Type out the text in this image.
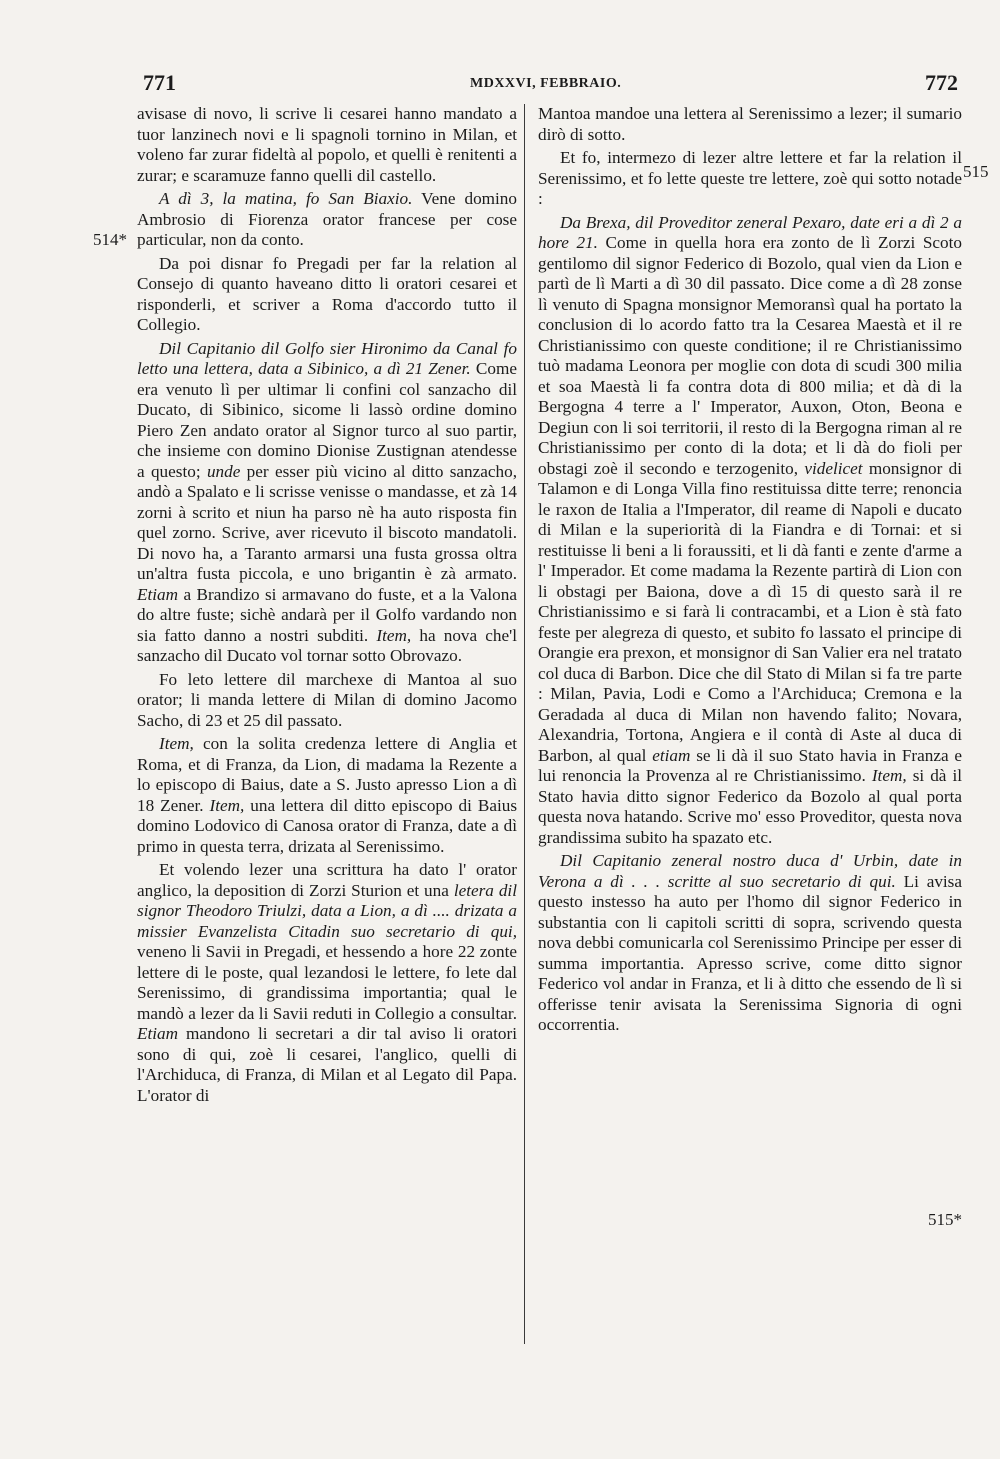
771	MDXXVI, FEBBRAIO.	772
514*
515
515*

avisase di novo, li scrive li cesarei hanno mandato a tuor lanzinech novi e li spagnoli tornino in Milan, et voleno far zurar fideltà al popolo, et quelli è renitenti a zurar; e scaramuze fanno quelli dil castello.

A dì 3, la matina, fo San Biaxio. Vene domino Ambrosio di Fiorenza orator francese per cose particular, non da conto.

Da poi disnar fo Pregadi per far la relation al Consejo di quanto haveano ditto li oratori cesarei et risponderli, et scriver a Roma d'accordo tutto il Collegio.

Dil Capitanio dil Golfo sier Hironimo da Canal fo letto una lettera, data a Sibinico, a dì 21 Zener. Come era venuto lì per ultimar li confini col sanzacho dil Ducato, di Sibinico, sicome li lassò ordine domino Piero Zen andato orator al Signor turco al suo partir, che insieme con domino Dionise Zustignan atendesse a questo; unde per esser più vicino al ditto sanzacho, andò a Spalato e li scrisse venisse o mandasse, et zà 14 zorni à scrito et niun ha parso nè ha auto risposta fin quel zorno. Scrive, aver ricevuto il biscoto mandatoli. Di novo ha, a Taranto armarsi una fusta grossa oltra un'altra fusta piccola, e uno brigantin è zà armato. Etiam a Brandizo si armavano do fuste, et a la Valona do altre fuste; sichè andarà per il Golfo vardando non sia fatto danno a nostri subditi. Item, ha nova che'l sanzacho dil Ducato vol tornar sotto Obrovazo.

Fo leto lettere dil marchexe di Mantoa al suo orator; li manda lettere di Milan di domino Jacomo Sacho, di 23 et 25 dil passato.

Item, con la solita credenza lettere di Anglia et Roma, et di Franza, da Lion, di madama la Rezente a lo episcopo di Baius, date a S. Justo apresso Lion a dì 18 Zener. Item, una lettera dil ditto episcopo di Baius domino Lodovico di Canosa orator di Franza, date a dì primo in questa terra, drizata al Serenissimo.

Et volendo lezer una scrittura ha dato l' orator anglico, la deposition di Zorzi Sturion et una letera dil signor Theodoro Triulzi, data a Lion, a dì .... drizata a missier Evanzelista Citadin suo secretario di qui, veneno li Savii in Pregadi, et hessendo a hore 22 zonte lettere di le poste, qual lezandosi le lettere, fo lete dal Serenissimo, di grandissima importantia; qual le mandò a lezer da li Savii reduti in Collegio a consultar. Etiam mandono li secretari a dir tal aviso li oratori sono di qui, zoè li cesarei, l'anglico, quelli di l'Archiduca, di Franza, di Milan et al Legato dil Papa. L'orator di

Mantoa mandoe una lettera al Serenissimo a lezer; il sumario dirò di sotto.

Et fo, intermezo di lezer altre lettere et far la relation il Serenissimo, et fo lette queste tre lettere, zoè qui sotto notade :

Da Brexa, dil Proveditor zeneral Pexaro, date eri a dì 2 a hore 21. Come in quella hora era zonto de lì Zorzi Scoto gentilomo dil signor Federico di Bozolo, qual vien da Lion e partì de lì Marti a dì 30 dil passato. Dice come a dì 28 zonse lì venuto di Spagna monsignor Memoransì qual ha portato la conclusion di lo acordo fatto tra la Cesarea Maestà et il re Christianissimo con queste conditione; il re Christianissimo tuò madama Leonora per moglie con dota di scudi 300 milia et soa Maestà li fa contra dota di 800 milia; et dà di la Bergogna 4 terre a l' Imperator, Auxon, Oton, Beona e Degiun con li soi territorii, il resto di la Bergogna riman al re Christianissimo per conto di la dota; et li dà do fioli per obstagi zoè il secondo e terzogenito, videlicet monsignor di Talamon e di Longa Villa fino restituissa ditte terre; renoncia le raxon de Italia a l'Imperator, dil reame di Napoli e ducato di Milan e la superiorità di la Fiandra e di Tornai: et si restituisse li beni a li foraussiti, et li dà fanti e zente d'arme a l' Imperador. Et come madama la Rezente partirà di Lion con li obstagi per Baiona, dove a dì 15 di questo sarà il re Christianissimo e si farà li contracambi, et a Lion è stà fato feste per alegreza di questo, et subito fo lassato el principe di Orangie era prexon, et monsignor di San Valier era nel tratato col duca di Barbon. Dice che dil Stato di Milan si fa tre parte : Milan, Pavia, Lodi e Como a l'Archiduca; Cremona e la Geradada al duca di Milan non havendo falito; Novara, Alexandria, Tortona, Angiera e il contà di Aste al duca di Barbon, al qual etiam se li dà il suo Stato havia in Franza e lui renoncia la Provenza al re Christianissimo. Item, si dà il Stato havia ditto signor Federico da Bozolo al qual porta questa nova hatando. Scrive mo' esso Proveditor, questa nova grandissima subito ha spazato etc.

Dil Capitanio zeneral nostro duca d' Urbin, date in Verona a dì . . . scritte al suo secretario di qui. Li avisa questo instesso ha auto per l'homo dil signor Federico in substantia con li capitoli scritti di sopra, scrivendo questa nova debbi comunicarla col Serenissimo Principe per esser di summa importantia. Apresso scrive, come ditto signor Federico vol andar in Franza, et li à ditto che essendo de lì si offerisse tenir avisata la Serenissima Signoria di ogni occorrentia.
